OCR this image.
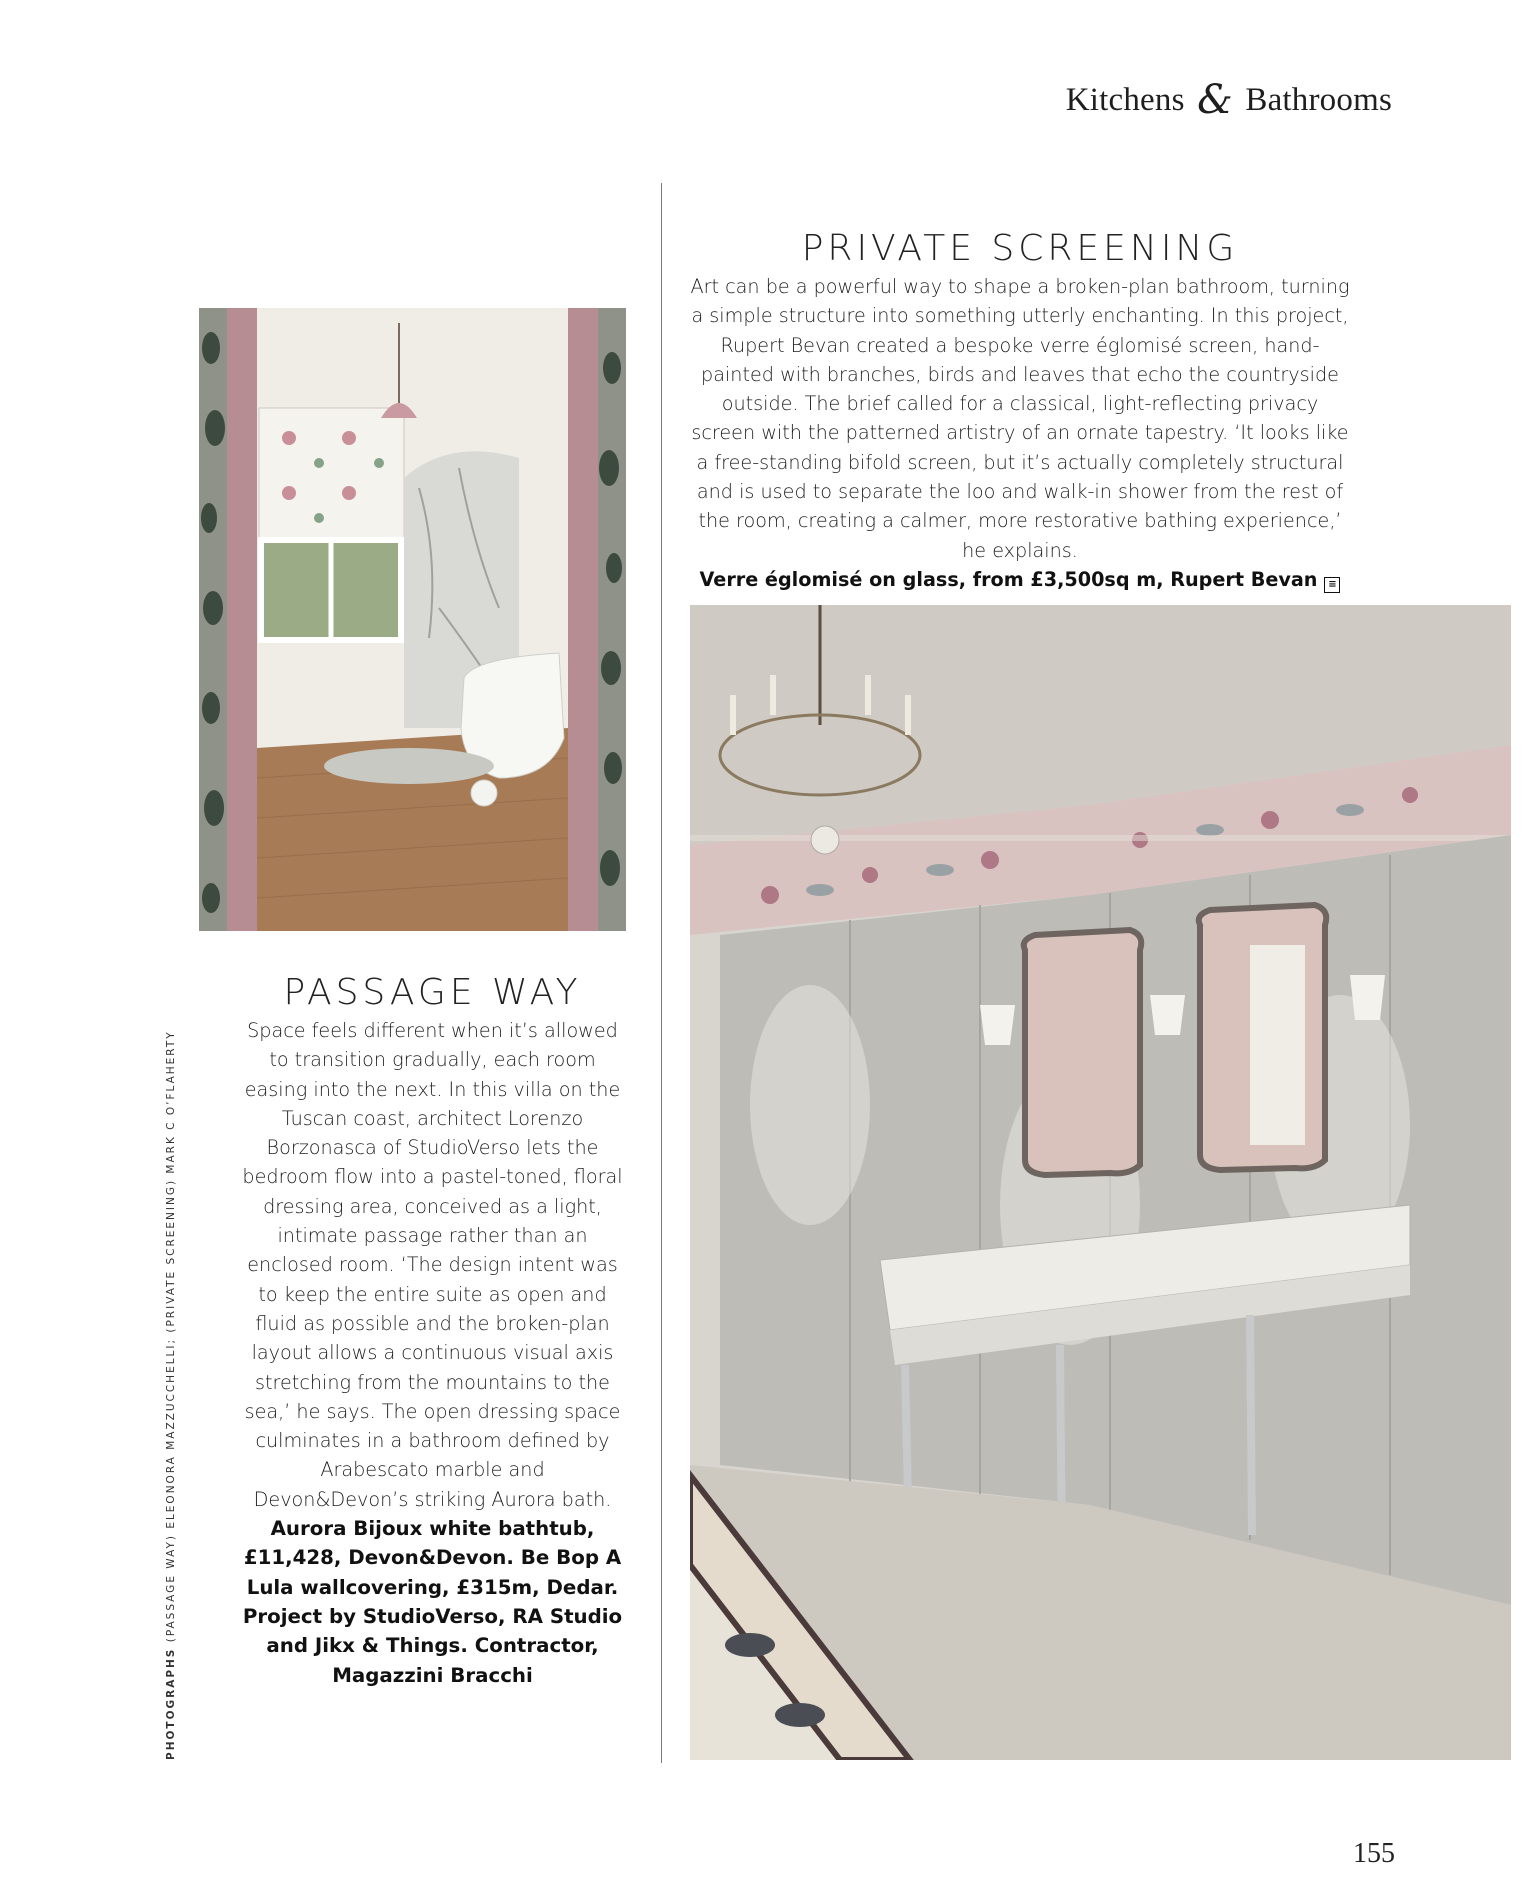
Kitchens & Bathrooms
PRIVATE SCREENING

Art can be a powerful way to shape a broken-plan bathroom, turning a simple structure into something utterly enchanting. In this project, Rupert Bevan created a bespoke verre églomisé screen, hand-painted with branches, birds and leaves that echo the countryside outside. The brief called for a classical, light-reflecting privacy screen with the patterned artistry of an ornate tapestry. ‘It looks like a free-standing bifold screen, but it’s actually completely structural and is used to separate the loo and walk-in shower from the rest of the room, creating a calmer, more restorative bathing experience,’ he explains.
Verre églomisé on glass, from £3,500sq m, Rupert Bevan ≡

PASSAGE WAY

Space feels different when it’s allowed to transition gradually, each room easing into the next. In this villa on the Tuscan coast, architect Lorenzo Borzonasca of StudioVerso lets the bedroom flow into a pastel-toned, floral dressing area, conceived as a light, intimate passage rather than an enclosed room. ‘The design intent was to keep the entire suite as open and fluid as possible and the broken-plan layout allows a continuous visual axis stretching from the mountains to the sea,’ he says. The open dressing space culminates in a bathroom defined by Arabescato marble and Devon&Devon’s striking Aurora bath.
Aurora Bijoux white bathtub, £11,428, Devon&Devon. Be Bop A Lula wallcovering, £315m, Dedar. Project by StudioVerso, RA Studio and Jikx & Things. Contractor, Magazzini Bracchi

PHOTOGRAPHS (PASSAGE WAY) ELEONORA MAZZUCCHELLI; (PRIVATE SCREENING) MARK C O’FLAHERTY
155
